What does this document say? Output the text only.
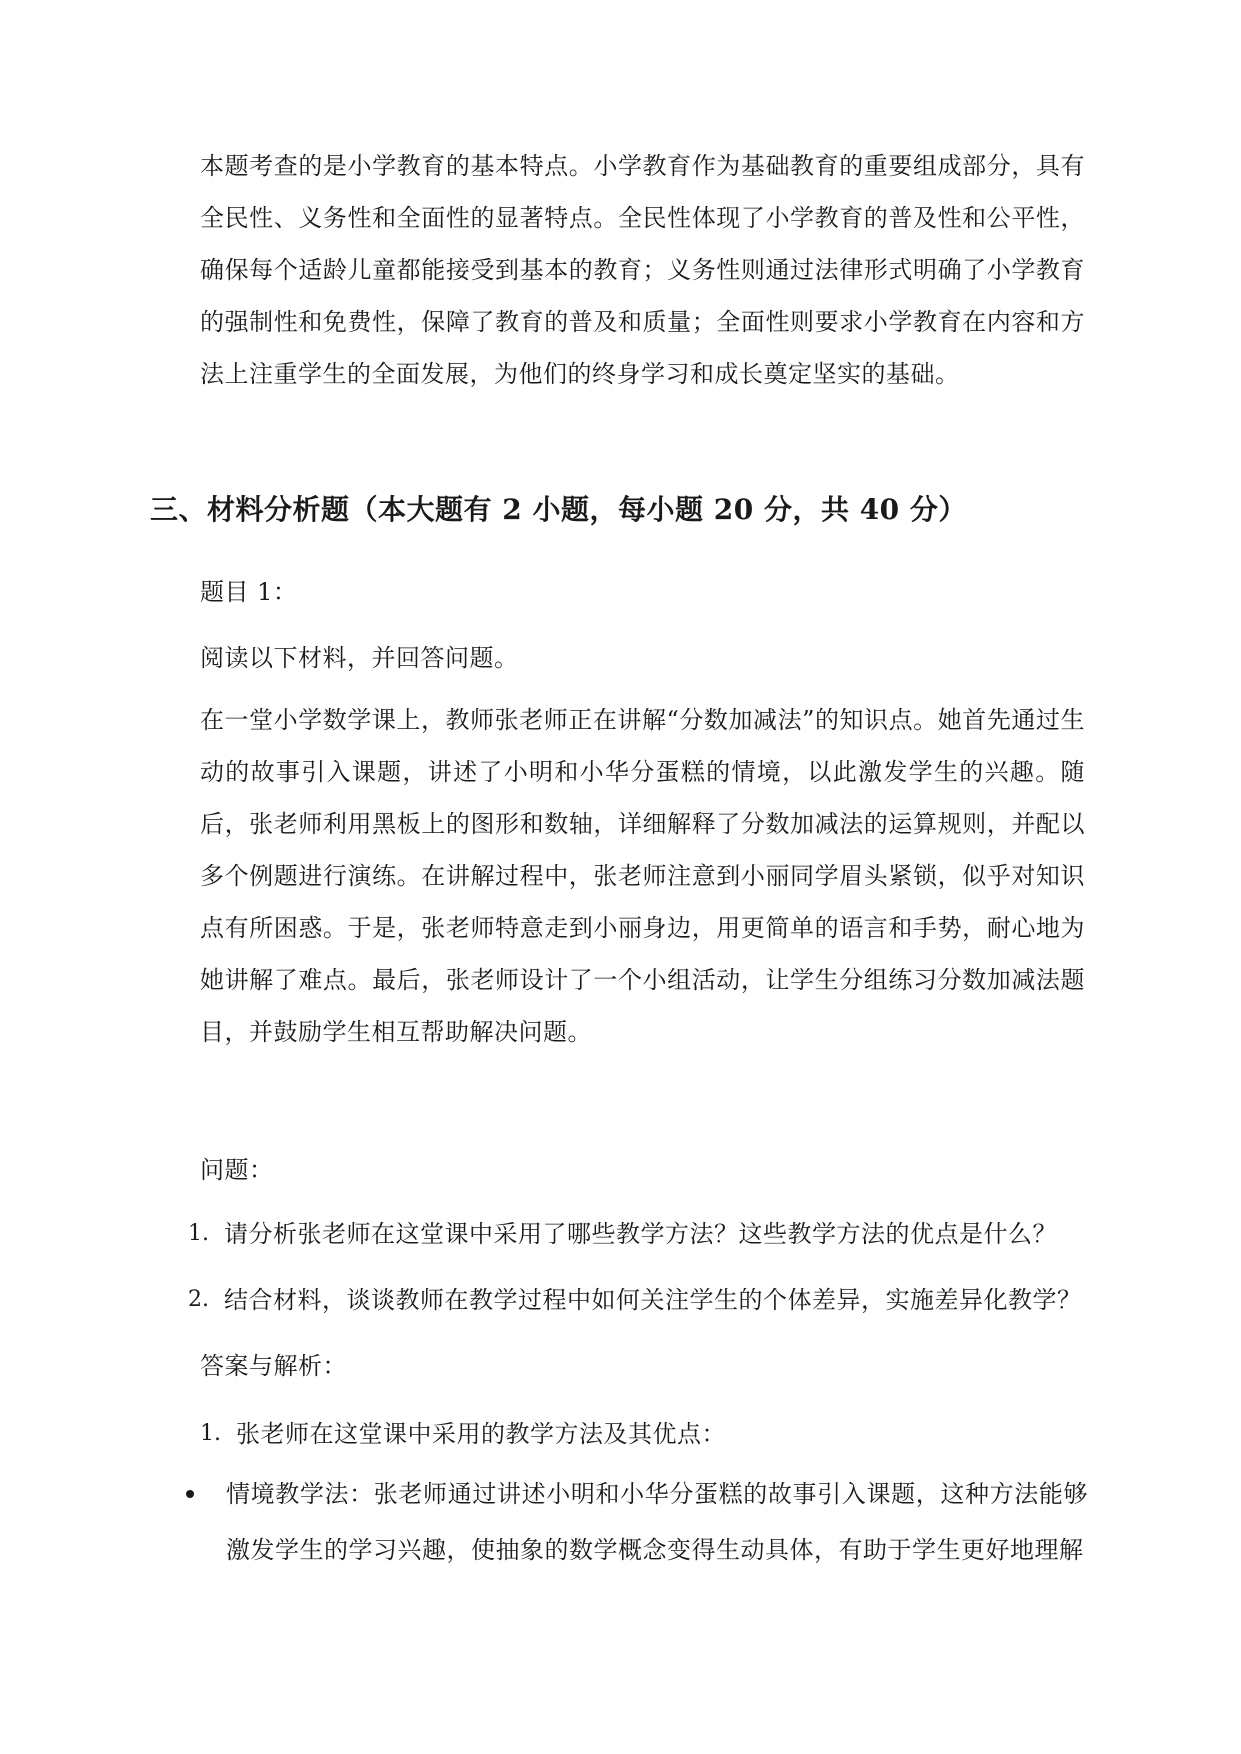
本题考查的是小学教育的基本特点。小学教育作为基础教育的重要组成部分，具有全民性、义务性和全面性的显著特点。全民性体现了小学教育的普及性和公平性，确保每个适龄儿童都能接受到基本的教育；义务性则通过法律形式明确了小学教育的强制性和免费性，保障了教育的普及和质量；全面性则要求小学教育在内容和方法上注重学生的全面发展，为他们的终身学习和成长奠定坚实的基础。
三、材料分析题（本大题有 2 小题，每小题 20 分，共 40 分）
题目 1：
阅读以下材料，并回答问题。
在一堂小学数学课上，教师张老师正在讲解“分数加减法”的知识点。她首先通过生动的故事引入课题，讲述了小明和小华分蛋糕的情境，以此激发学生的兴趣。随后，张老师利用黑板上的图形和数轴，详细解释了分数加减法的运算规则，并配以多个例题进行演练。在讲解过程中，张老师注意到小丽同学眉头紧锁，似乎对知识点有所困惑。于是，张老师特意走到小丽身边，用更简单的语言和手势，耐心地为她讲解了难点。最后，张老师设计了一个小组活动，让学生分组练习分数加减法题目，并鼓励学生相互帮助解决问题。
问题：
1. 请分析张老师在这堂课中采用了哪些教学方法？这些教学方法的优点是什么？
2. 结合材料，谈谈教师在教学过程中如何关注学生的个体差异，实施差异化教学？
答案与解析：
1. 张老师在这堂课中采用的教学方法及其优点：
情境教学法：张老师通过讲述小明和小华分蛋糕的故事引入课题，这种方法能够激发学生的学习兴趣，使抽象的数学概念变得生动具体，有助于学生更好地理解
